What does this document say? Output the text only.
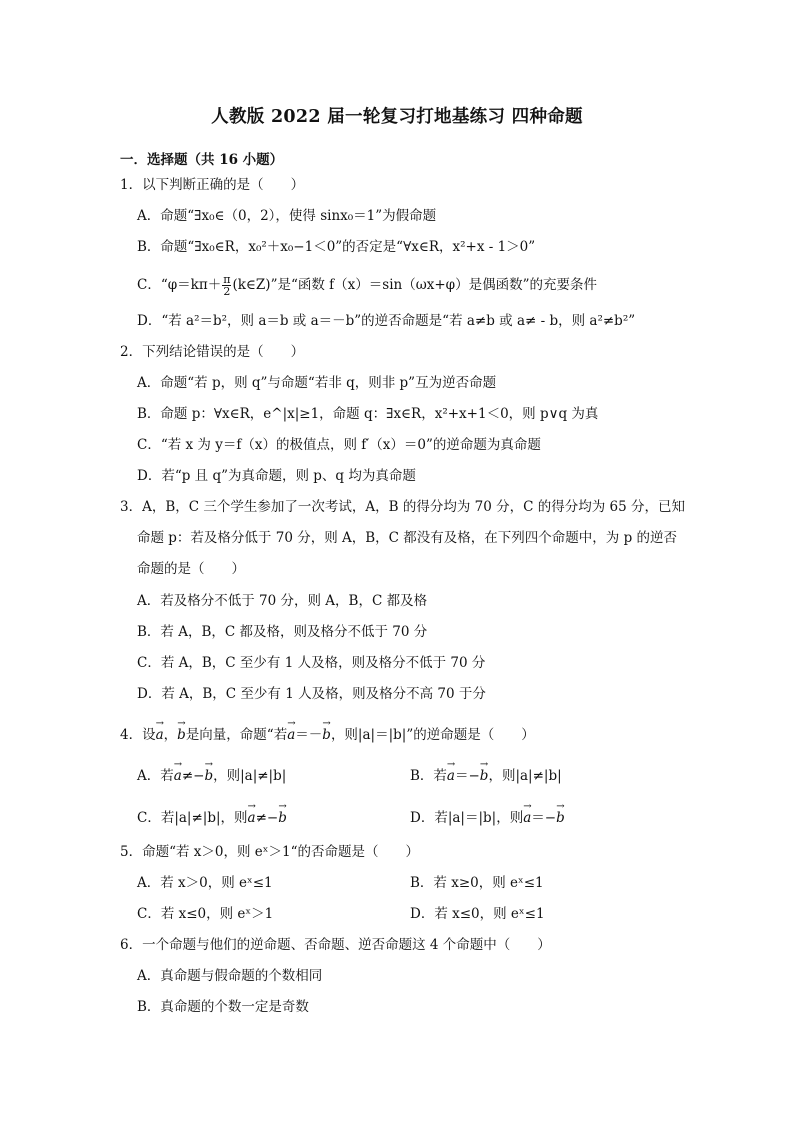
人教版 2022 届一轮复习打地基练习 四种命题
一．选择题（共 16 小题）
1．以下判断正确的是（　　）
A．命题“∃x₀∈（0，2），使得 sinx₀＝1”为假命题
B．命题“∃x₀∈R，x₀²＋x₀−1＜0”的否定是“∀x∈R，x²+x - 1＞0”
C．“$\varphi=k\pi+ \frac{\pi}{2}$ (k∈Z)”是“函数 f（x）＝sin（ωx+φ）是偶函数”的充要条件
D．“若 a²＝b²，则 a＝b 或 a＝－b”的逆否命题是“若 a≠b 或 a≠ - b，则 a²≠b²”
2．下列结论错误的是（　　）
A．命题“若 p，则 q”与命题“若非 q，则非 p”互为逆否命题
B．命题 p：∀x∈R，e^|x|≥1，命题 q：∃x∈R，x²+x+1＜0，则 p∨q 为真
C．“若 x 为 y＝f（x）的极值点，则 f′（x）＝0”的逆命题为真命题
D．若“p 且 q”为真命题，则 p、q 均为真命题
3．A，B，C 三个学生参加了一次考试，A，B 的得分均为 70 分，C 的得分均为 65 分，已知
命题 p：若及格分低于 70 分，则 A，B，C 都没有及格，在下列四个命题中，为 p 的逆否
命题的是（　　）
A．若及格分不低于 70 分，则 A，B，C 都及格
B．若 A，B，C 都及格，则及格分不低于 70 分
C．若 A，B，C 至少有 1 人及格，则及格分不低于 70 分
D．若 A，B，C 至少有 1 人及格，则及格分不高 70 于分
4．设→ a，→ b是向量，命题“若→ a＝－→ b，则|a|＝|b|”的逆命题是（　　）
A．若→ a≠−→ b，则|a|≠|b|	B．若→ a＝−→ b，则|a|≠|b|
C．若|a|≠|b|，则→ a≠−→ b	D．若|a|＝|b|，则→ a＝−→ b
5．命题“若 x＞0，则 eˣ＞1“的否命题是（　　）
A．若 x＞0，则 eˣ≤1	B．若 x≥0，则 eˣ≤1
C．若 x≤0，则 eˣ＞1	D．若 x≤0，则 eˣ≤1
6．一个命题与他们的逆命题、否命题、逆否命题这 4 个命题中（　　）
A．真命题与假命题的个数相同
B．真命题的个数一定是奇数
